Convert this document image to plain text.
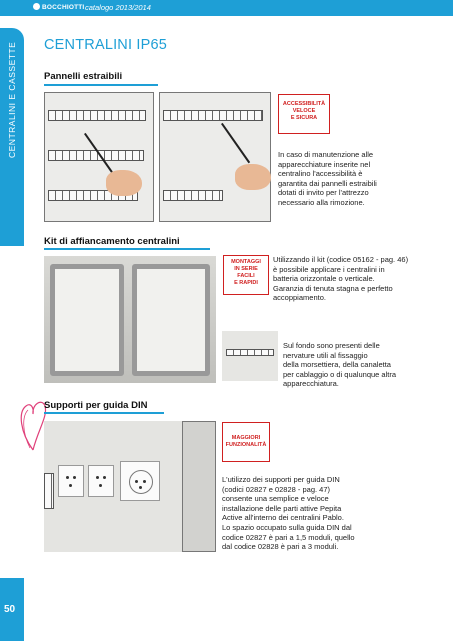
BOCCHIOTTI catalogo 2013/2014
CENTRALINI E CASSETTE
50
CENTRALINI IP65
Pannelli estraibili
ACCESSIBILITÀ
VELOCE
E SICURA
In caso di manutenzione alle
apparecchiature inserite nel
centralino l'accessibilità è
garantita dai pannelli estraibili
dotati di invito per l'attrezzo
necessario alla rimozione.
Kit di affiancamento centralini
MONTAGGI
IN SERIE
FACILI
E RAPIDI
Utilizzando il kit (codice 05162 - pag. 46)
è possibile applicare i centralini in
batteria orizzontale o verticale.
Garanzia di tenuta stagna e perfetto
accoppiamento.
Sul fondo sono presenti delle
nervature utili al fissaggio
della morsettiera, della canaletta
per cablaggio o di qualunque altra
apparecchiatura.
Supporti per guida DIN
MAGGIORI
FUNZIONALITÀ
L'utilizzo dei supporti per guida DIN
(codici 02827 e 02828 - pag. 47)
consente una semplice e veloce
installazione delle parti attive Pepita
Active all'interno dei centralini Pablo.
Lo spazio occupato sulla guida DIN dal
codice 02827 è pari a 1,5 moduli, quello
dal codice 02828 è pari a 3 moduli.
